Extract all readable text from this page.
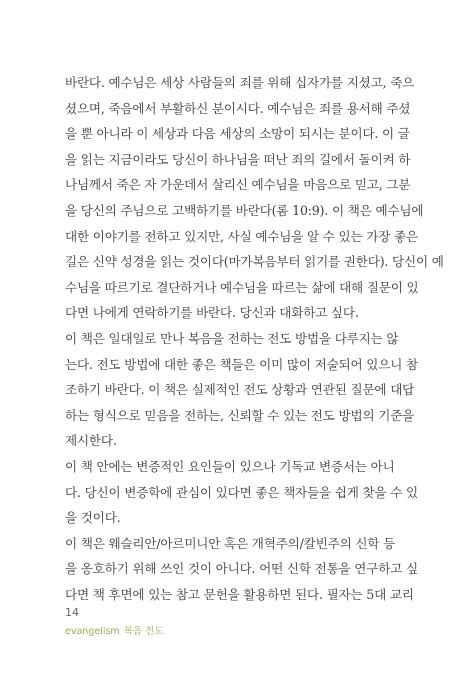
바란다. 예수님은 세상 사람들의 죄를 위해 십자가를 지셨고, 죽으
셨으며, 죽음에서 부활하신 분이시다. 예수님은 죄를 용서해 주셨
을 뿐 아니라 이 세상과 다음 세상의 소망이 되시는 분이다. 이 글
을 읽는 지금이라도 당신이 하나님을 떠난 죄의 길에서 돌이켜 하
나님께서 죽은 자 가운데서 살리신 예수님을 마음으로 믿고, 그분
을 당신의 주님으로 고백하기를 바란다(롬 10:9). 이 책은 예수님에
대한 이야기를 전하고 있지만, 사실 예수님을 알 수 있는 가장 좋은
길은 신약 성경을 읽는 것이다(마가복음부터 읽기를 권한다). 당신이 예
수님을 따르기로 결단하거나 예수님을 따르는 삶에 대해 질문이 있
다면 나에게 연락하기를 바란다. 당신과 대화하고 싶다.
이 책은 일대일로 만나 복음을 전하는 전도 방법을 다루지는 않
는다. 전도 방법에 대한 좋은 책들은 이미 많이 저술되어 있으니 참
조하기 바란다. 이 책은 실제적인 전도 상황과 연관된 질문에 대답
하는 형식으로 믿음을 전하는, 신뢰할 수 있는 전도 방법의 기준을
제시한다.
이 책 안에는 변증적인 요인들이 있으나 기독교 변증서는 아니
다. 당신이 변증학에 관심이 있다면 좋은 책자들을 쉽게 찾을 수 있
을 것이다.
이 책은 웨슬리안/아르미니안 혹은 개혁주의/칼빈주의 신학 등
을 옹호하기 위해 쓰인 것이 아니다. 어떤 신학 전통을 연구하고 싶
다면 책 후면에 있는 참고 문헌을 활용하면 된다. 필자는 5대 교리
14
evangelism 복음 전도
